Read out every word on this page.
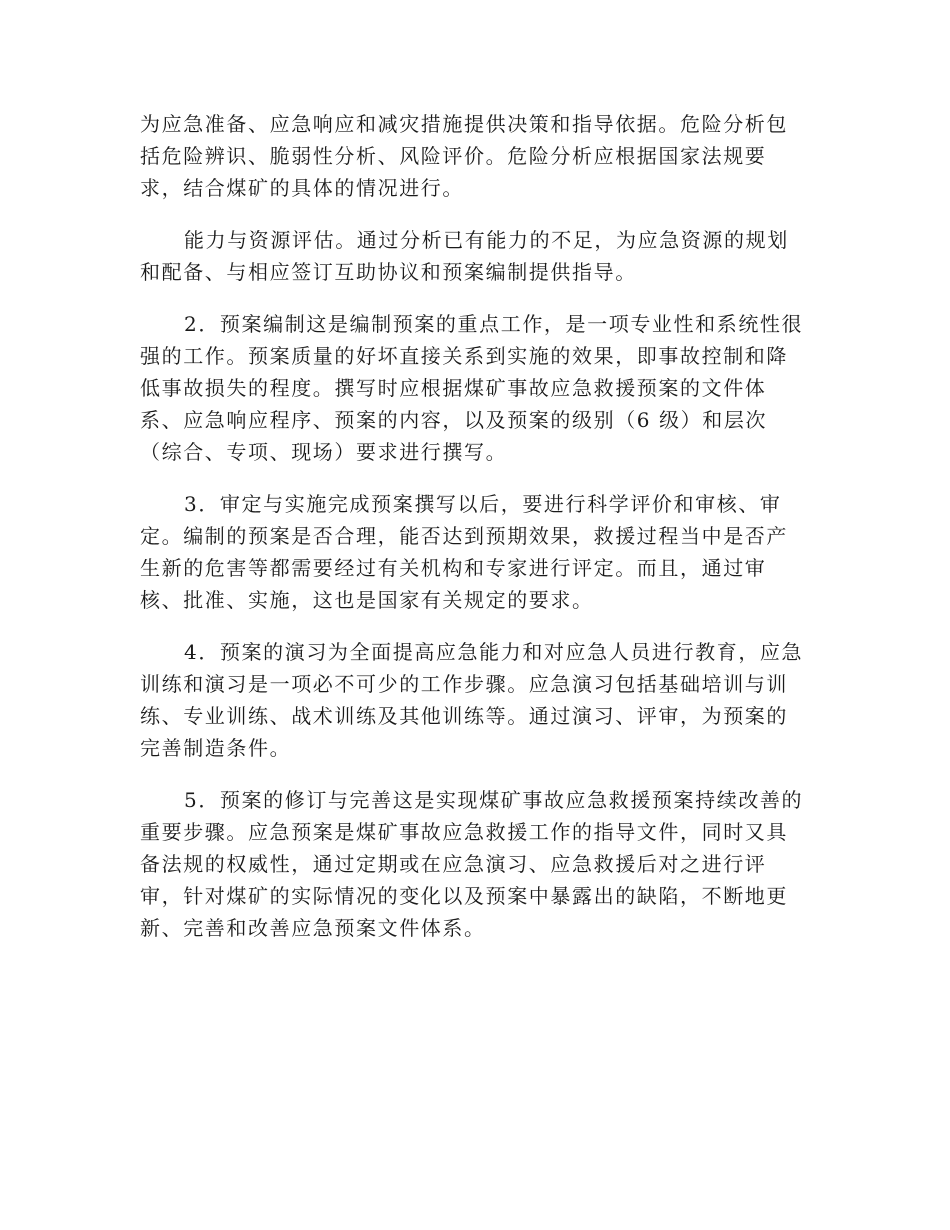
为应急准备、应急响应和减灾措施提供决策和指导依据。危险分析包
括危险辨识、脆弱性分析、风险评价。危险分析应根据国家法规要
求，结合煤矿的具体的情况进行。
能力与资源评估。通过分析已有能力的不足，为应急资源的规划
和配备、与相应签订互助协议和预案编制提供指导。
2．预案编制这是编制预案的重点工作，是一项专业性和系统性很
强的工作。预案质量的好坏直接关系到实施的效果，即事故控制和降
低事故损失的程度。撰写时应根据煤矿事故应急救援预案的文件体
系、应急响应程序、预案的内容，以及预案的级别（6 级）和层次
（综合、专项、现场）要求进行撰写。
3．审定与实施完成预案撰写以后，要进行科学评价和审核、审
定。编制的预案是否合理，能否达到预期效果，救援过程当中是否产
生新的危害等都需要经过有关机构和专家进行评定。而且，通过审
核、批准、实施，这也是国家有关规定的要求。
4．预案的演习为全面提高应急能力和对应急人员进行教育，应急
训练和演习是一项必不可少的工作步骤。应急演习包括基础培训与训
练、专业训练、战术训练及其他训练等。通过演习、评审，为预案的
完善制造条件。
5．预案的修订与完善这是实现煤矿事故应急救援预案持续改善的
重要步骤。应急预案是煤矿事故应急救援工作的指导文件，同时又具
备法规的权威性，通过定期或在应急演习、应急救援后对之进行评
审，针对煤矿的实际情况的变化以及预案中暴露出的缺陷，不断地更
新、完善和改善应急预案文件体系。
